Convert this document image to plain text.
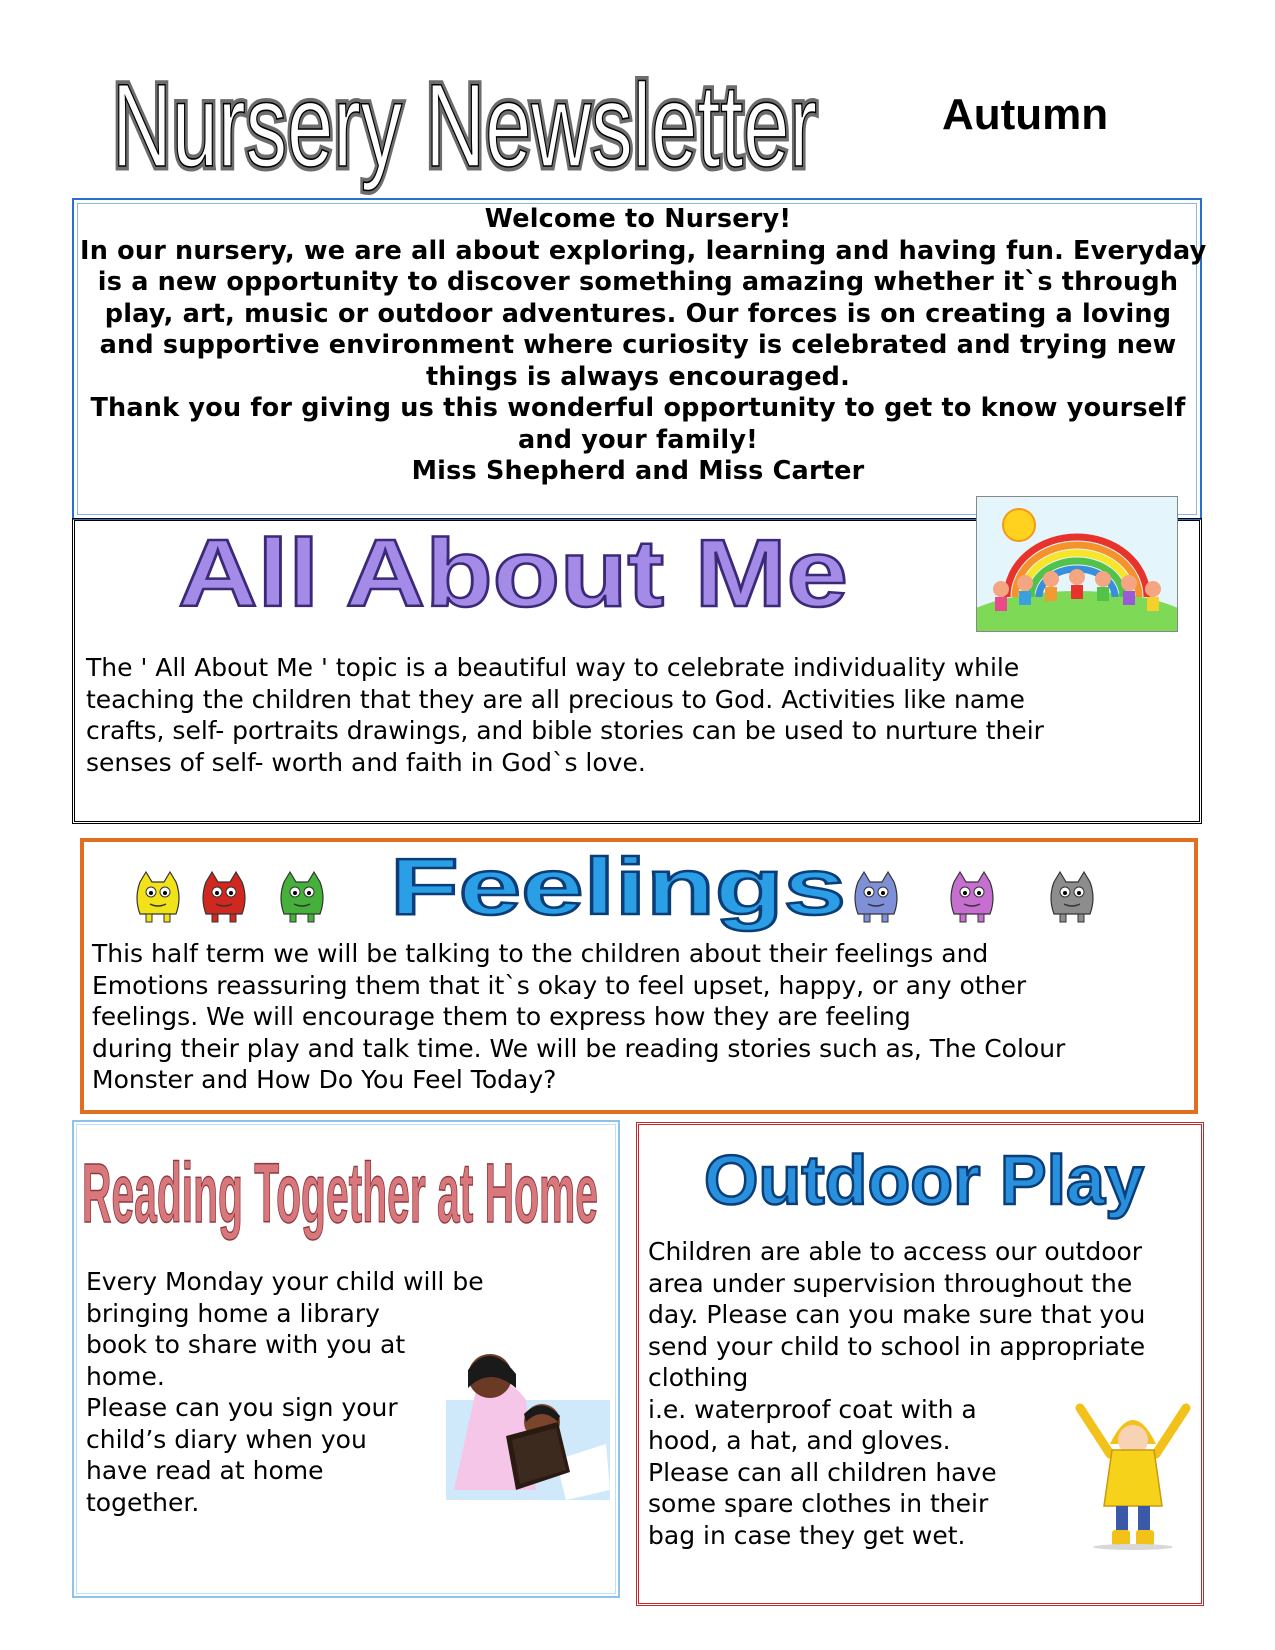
Nursery Newsletter
Nursery Newsletter	Autumn
Welcome to Nursery!
In our nursery, we are all about exploring, learning and having fun. Everyday
is a new opportunity to discover something amazing whether it`s through
play, art, music or outdoor adventures. Our forces is on creating a loving
and supportive environment where curiosity is celebrated and trying new
things is always encouraged.
Thank you for giving us this wonderful opportunity to get to know yourself
and your family!
Miss Shepherd and Miss Carter
All About Me
The ' All About Me ' topic is a beautiful way to celebrate individuality while
teaching the children that they are all precious to God. Activities like name
crafts, self- portraits drawings, and bible stories can be used to nurture their
senses of self- worth and faith in God`s love.
Feelings
This half term we will be talking to the children about their feelings and
Emotions reassuring them that it`s okay to feel upset, happy, or any other
feelings. We will encourage them to express how they are feeling
during their play and talk time. We will be reading stories such as, The Colour
Monster and How Do You Feel Today?
Reading Together at Home
Every Monday your child will be
bringing home a library
book to share with you at
home.
Please can you sign your
child’s diary when you
have read at home
together.
Outdoor Play
Children are able to access our outdoor
area under supervision throughout the
day. Please can you make sure that you
send your child to school in appropriate
clothing
i.e. waterproof coat with a
hood, a hat, and gloves.
Please can all children have
some spare clothes in their
bag in case they get wet.
